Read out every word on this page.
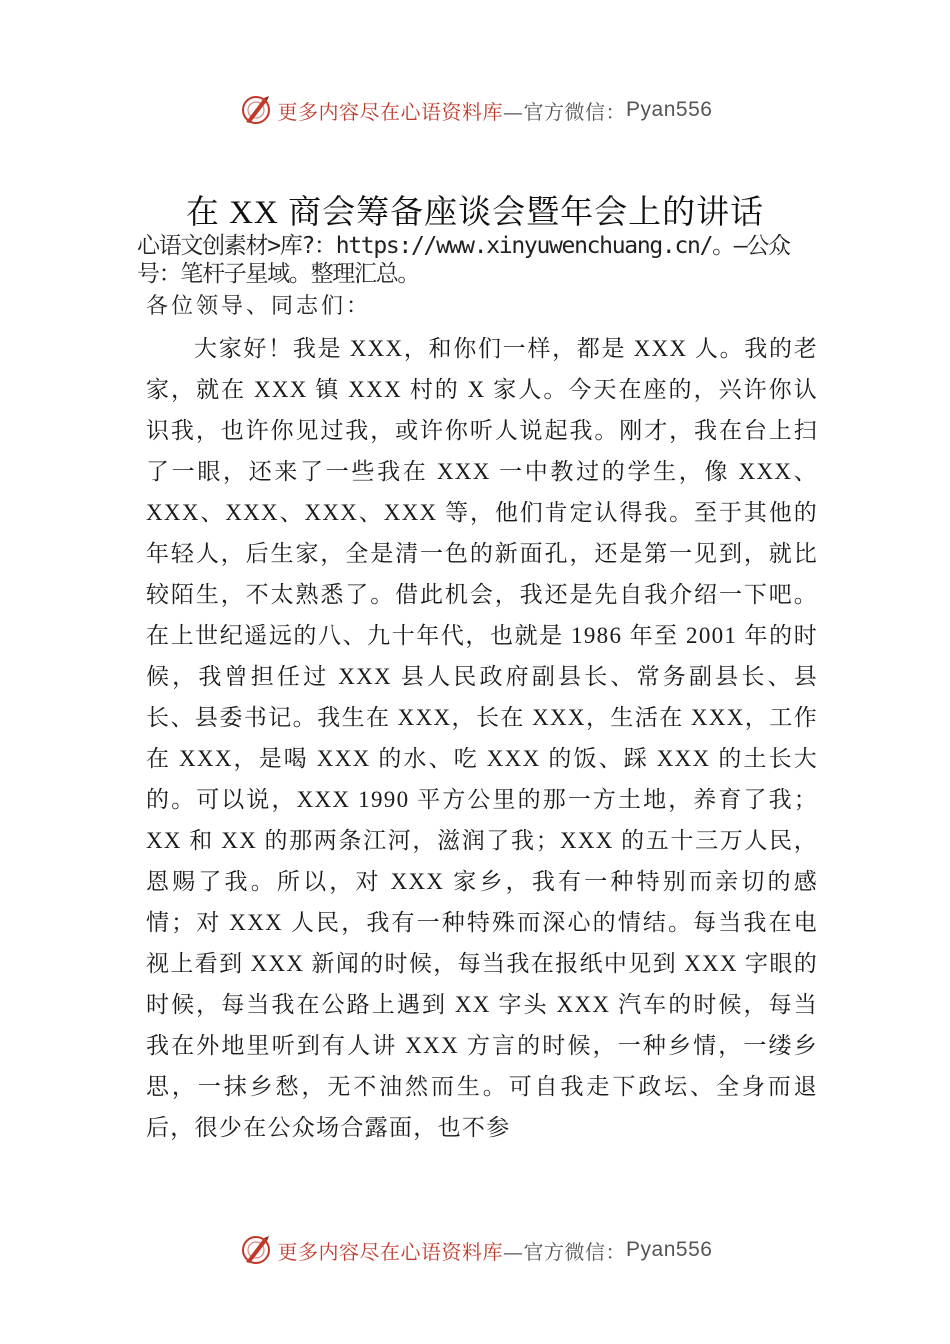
更多内容尽在心语资料库 —官方微信： Pyan556
在 XX 商会筹备座谈会暨年会上的讲话
心语文创素材>库?：https://www.xinyuwenchuang.cn/。—公众号：笔杆子星域。整理汇总。
各位领导、同志们：

大家好！我是 XXX，和你们一样，都是 XXX 人。我的老家，就在 XXX 镇 XXX 村的 X 家人。今天在座的，兴许你认识我，也许你见过我，或许你听人说起我。刚才，我在台上扫了一眼，还来了一些我在 XXX 一中教过的学生，像 XXX、XXX、XXX、XXX、XXX 等，他们肯定认得我。至于其他的年轻人，后生家，全是清一色的新面孔，还是第一见到，就比较陌生，不太熟悉了。借此机会，我还是先自我介绍一下吧。在上世纪遥远的八、九十年代，也就是 1986 年至 2001 年的时候，我曾担任过 XXX 县人民政府副县长、常务副县长、县长、县委书记。我生在 XXX，长在 XXX，生活在 XXX，工作在 XXX，是喝 XXX 的水、吃 XXX 的饭、踩 XXX 的土长大的。可以说，XXX 1990 平方公里的那一方土地，养育了我；XX 和 XX 的那两条江河，滋润了我；XXX 的五十三万人民，恩赐了我。所以，对 XXX 家乡，我有一种特别而亲切的感情；对 XXX 人民，我有一种特殊而深心的情结。每当我在电视上看到 XXX 新闻的时候，每当我在报纸中见到 XXX 字眼的时候，每当我在公路上遇到 XX 字头 XXX 汽车的时候，每当我在外地里听到有人讲 XXX 方言的时候，一种乡情，一缕乡思，一抹乡愁，无不油然而生。可自我走下政坛、全身而退后，很少在公众场合露面，也不参

更多内容尽在心语资料库 —官方微信： Pyan556
